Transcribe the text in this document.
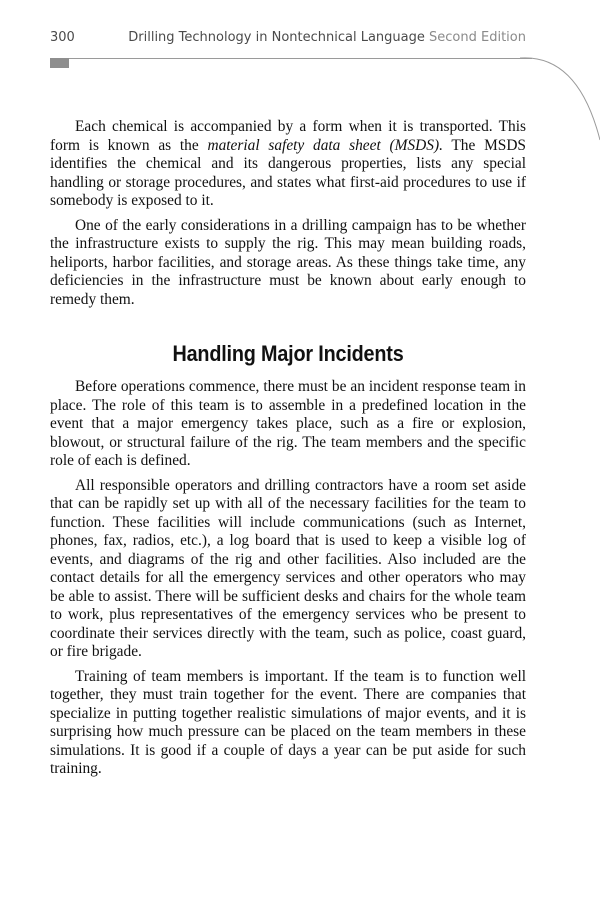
300	Drilling Technology in Nontechnical Language Second Edition

Each chemical is accompanied by a form when it is transported. This form is known as the material safety data sheet (MSDS). The MSDS identifies the chemical and its dangerous properties, lists any special handling or storage procedures, and states what first-aid procedures to use if somebody is exposed to it.

One of the early considerations in a drilling campaign has to be whether the infrastructure exists to supply the rig. This may mean building roads, heliports, harbor facilities, and storage areas. As these things take time, any deficiencies in the infrastructure must be known about early enough to remedy them.

Handling Major Incidents

Before operations commence, there must be an incident response team in place. The role of this team is to assemble in a predefined location in the event that a major emergency takes place, such as a fire or explosion, blowout, or structural failure of the rig. The team members and the specific role of each is defined.

All responsible operators and drilling contractors have a room set aside that can be rapidly set up with all of the necessary facilities for the team to function. These facilities will include communications (such as Internet, phones, fax, radios, etc.), a log board that is used to keep a visible log of events, and diagrams of the rig and other facilities. Also included are the contact details for all the emergency services and other operators who may be able to assist. There will be sufficient desks and chairs for the whole team to work, plus representatives of the emergency services who be present to coordinate their services directly with the team, such as police, coast guard, or fire brigade.

Training of team members is important. If the team is to function well together, they must train together for the event. There are companies that specialize in putting together realistic simulations of major events, and it is surprising how much pressure can be placed on the team members in these simulations. It is good if a couple of days a year can be put aside for such training.
